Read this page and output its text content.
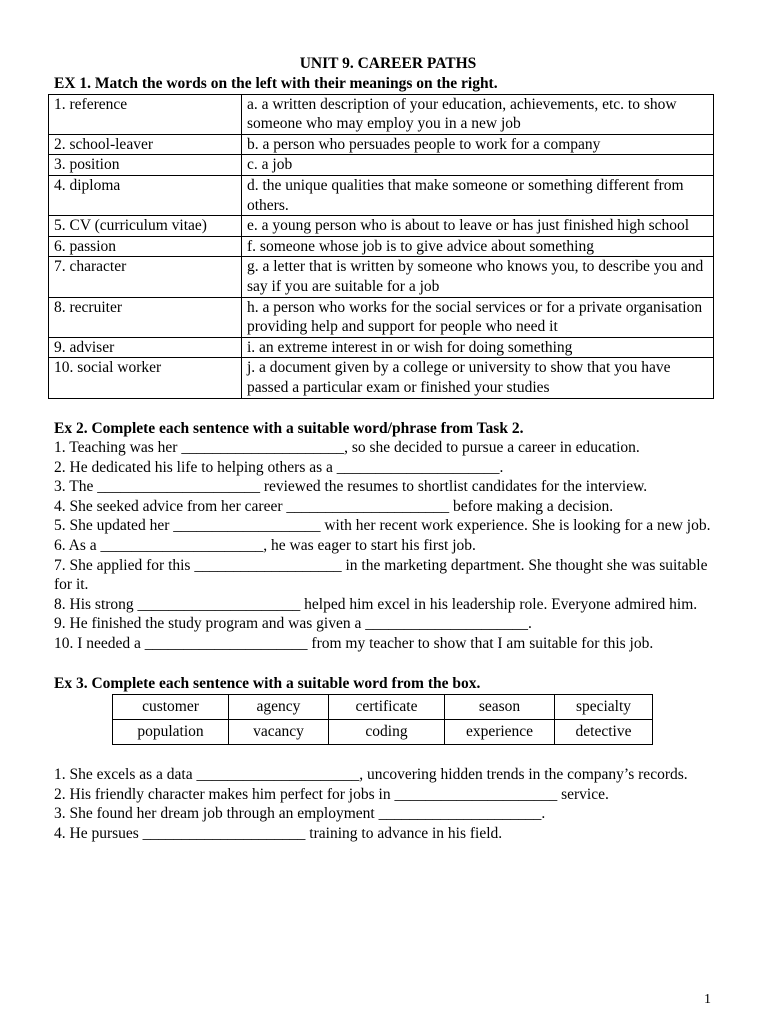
UNIT 9. CAREER PATHS

EX 1. Match the words on the left with their meanings on the right.

1. reference	a. a written description of your education, achievements, etc. to show someone who may employ you in a new job
2. school-leaver	b. a person who persuades people to work for a company
3. position	c. a job
4. diploma	d. the unique qualities that make someone or something different from others.
5. CV (curriculum vitae)	e. a young person who is about to leave or has just finished high school
6. passion	f. someone whose job is to give advice about something
7. character	g. a letter that is written by someone who knows you, to describe you and say if you are suitable for a job
8. recruiter	h. a person who works for the social services or for a private organisation providing help and support for people who need it
9. adviser	i. an extreme interest in or wish for doing something
10. social worker	j. a document given by a college or university to show that you have passed a particular exam or finished your studies

Ex 2. Complete each sentence with a suitable word/phrase from Task 2.

1. Teaching was her _____________________, so she decided to pursue a career in education.

2. He dedicated his life to helping others as a _____________________.

3. The _____________________ reviewed the resumes to shortlist candidates for the interview.

4. She seeked advice from her career _____________________ before making a decision.

5. She updated her ___________________ with her recent work experience. She is looking for a new job.

6. As a _____________________, he was eager to start his first job.

7. She applied for this ___________________ in the marketing department. She thought she was suitable for it.

8. His strong _____________________ helped him excel in his leadership role. Everyone admired him.

9. He finished the study program and was given a _____________________.

10. I needed a _____________________ from my teacher to show that I am suitable for this job.

Ex 3. Complete each sentence with a suitable word from the box.

customer	agency	certificate	season	specialty
population	vacancy	coding	experience	detective

1. She excels as a data _____________________, uncovering hidden trends in the company’s records.

2. His friendly character makes him perfect for jobs in _____________________ service.

3. She found her dream job through an employment _____________________.

4. He pursues _____________________ training to advance in his field.

1
